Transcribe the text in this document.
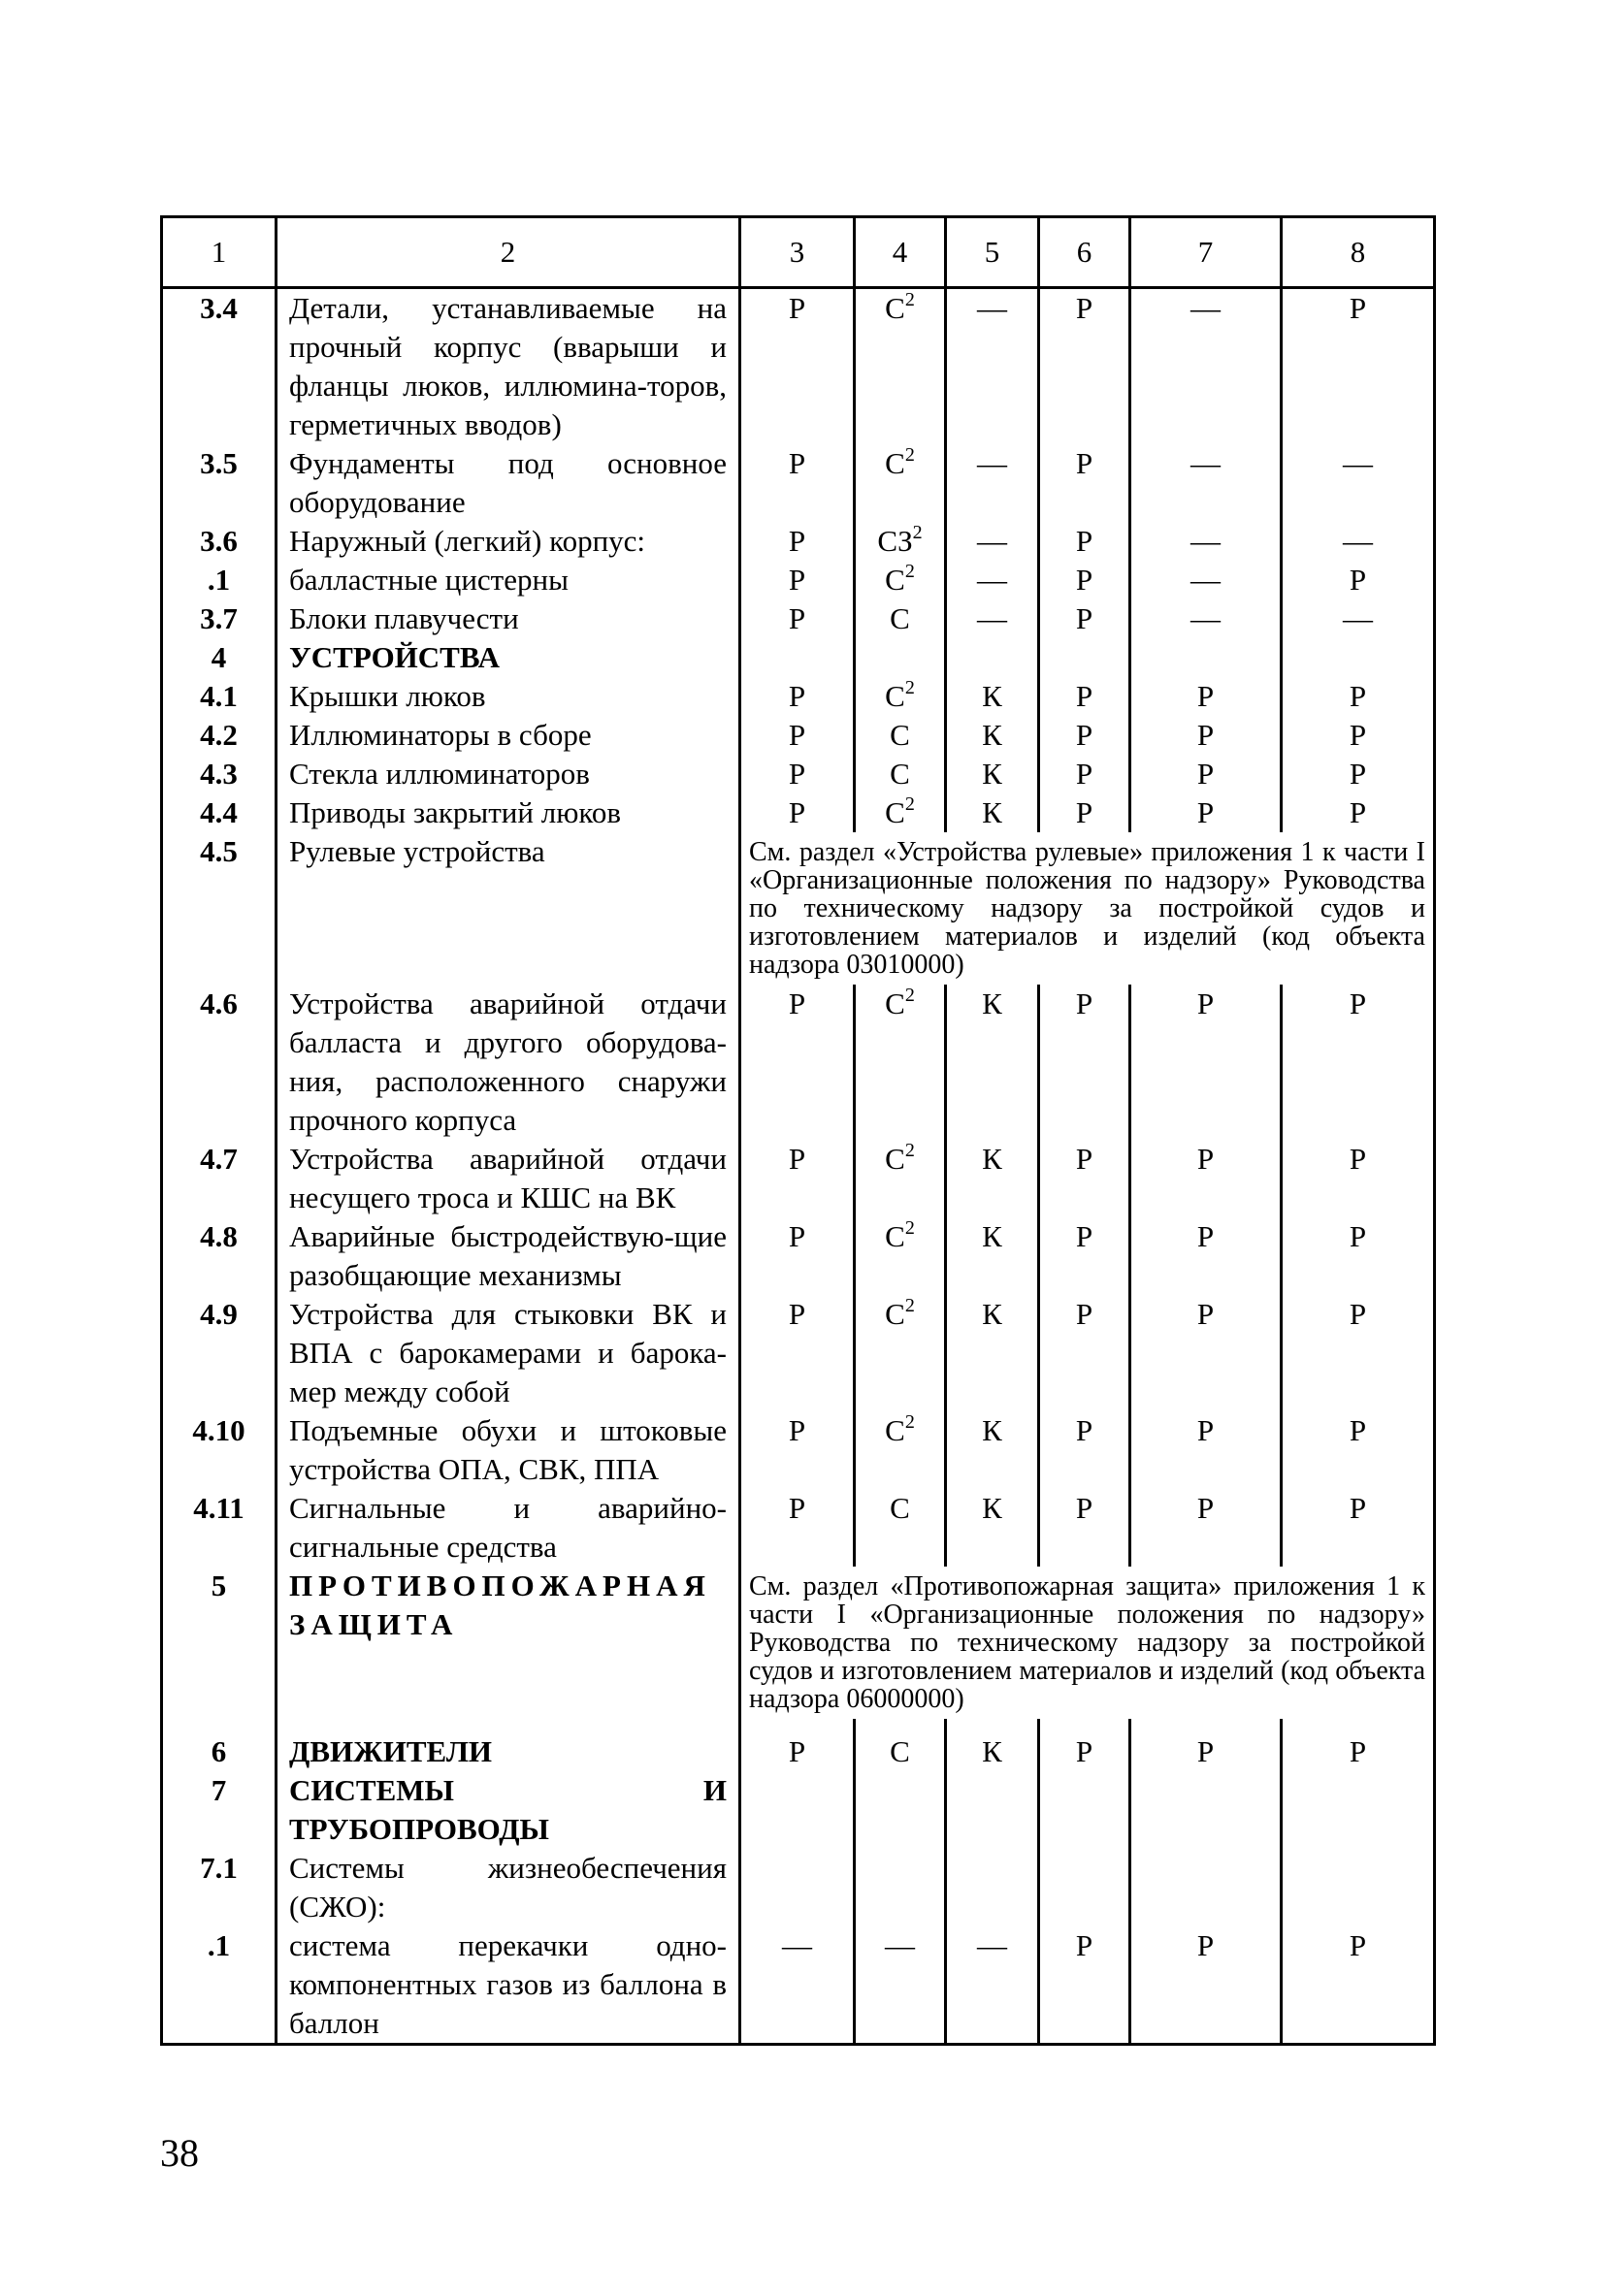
1	2	3	4	5	6	7	8
3.4	Детали, устанавливаемые на прочный корпус (вварыши и фланцы люков, иллюмина-торов, герметичных вводов)	Р	$С^2$	—	Р	—	Р
3.5	Фундаменты под основное оборудование	Р	$С^2$	—	Р	—	—
3.6	Наружный (легкий) корпус:	Р	$СЗ^2$	—	Р	—	—
.1	балластные цистерны	Р	$С^2$	—	Р	—	Р
3.7	Блоки плавучести	Р	С	—	Р	—	—
4	УСТРОЙСТВА						
4.1	Крышки люков	Р	$С^2$	К	Р	Р	Р
4.2	Иллюминаторы в сборе	Р	С	К	Р	Р	Р
4.3	Стекла иллюминаторов	Р	С	К	Р	Р	Р
4.4	Приводы закрытий люков	Р	$С^2$	К	Р	Р	Р
4.5	Рулевые устройства	См. раздел «Устройства рулевые» приложения 1 к части I «Организационные положения по надзору» Руководства по техническому надзору за постройкой судов и изготовлением материалов и изделий (код объекта надзора 03010000)					
4.6	Устройства аварийной отдачи балласта и другого оборудова-ния, расположенного снаружи прочного корпуса	Р	$С^2$	К	Р	Р	Р
4.7	Устройства аварийной отдачи несущего троса и КШС на ВК	Р	$С^2$	К	Р	Р	Р
4.8	Аварийные быстродействую-щие разобщающие механизмы	Р	$С^2$	К	Р	Р	Р
4.9	Устройства для стыковки ВК и ВПА с барокамерами и барока-мер между собой	Р	$С^2$	К	Р	Р	Р
4.10	Подъемные обухи и штоковые устройства ОПА, СВК, ППА	Р	$С^2$	К	Р	Р	Р
4.11	Сигнальные и аварийно-сигнальные средства	Р	С	К	Р	Р	Р
5	ПРОТИВОПОЖАРНАЯ ЗАЩИТА	См. раздел «Противопожарная защита» приложения 1 к части I «Организационные положения по надзору» Руководства по техническому надзору за постройкой судов и изготовлением материалов и изделий (код объекта надзора 06000000)					

6	ДВИЖИТЕЛИ	Р	С	К	Р	Р	Р
7	СИСТЕМЫ И ТРУБОПРОВОДЫ						
7.1	Системы жизнеобеспечения (СЖО):						
.1	система перекачки одно-компонентных газов из баллона в баллон	—	—	—	Р	Р	Р
38
